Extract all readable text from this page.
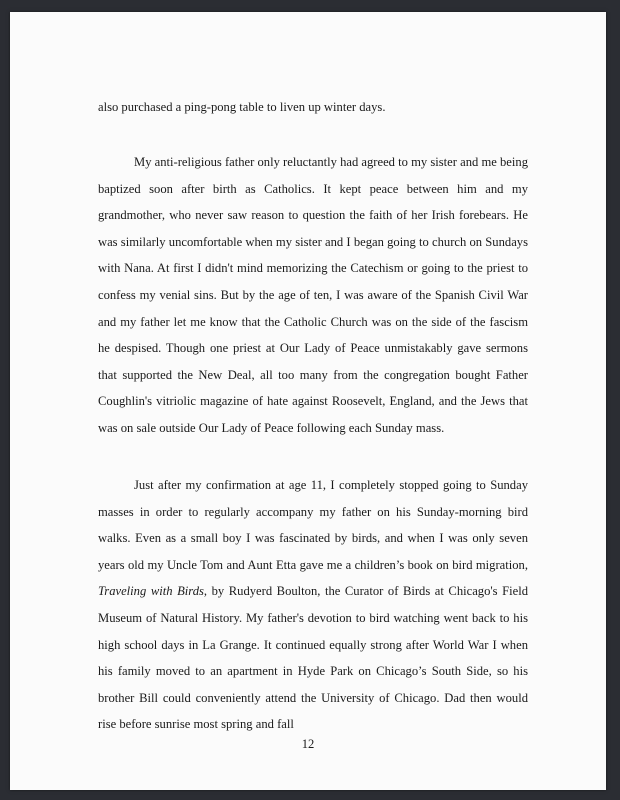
also purchased a ping-pong table to liven up winter days.

My anti-religious father only reluctantly had agreed to my sister and me being baptized soon after birth as Catholics. It kept peace between him and my grandmother, who never saw reason to question the faith of her Irish forebears. He was similarly uncomfortable when my sister and I began going to church on Sundays with Nana. At first I didn't mind memorizing the Catechism or going to the priest to confess my venial sins. But by the age of ten, I was aware of the Spanish Civil War and my father let me know that the Catholic Church was on the side of the fascism he despised. Though one priest at Our Lady of Peace unmistakably gave sermons that supported the New Deal, all too many from the congregation bought Father Coughlin's vitriolic magazine of hate against Roosevelt, England, and the Jews that was on sale outside Our Lady of Peace following each Sunday mass.

Just after my confirmation at age 11, I completely stopped going to Sunday masses in order to regularly accompany my father on his Sunday-morning bird walks. Even as a small boy I was fascinated by birds, and when I was only seven years old my Uncle Tom and Aunt Etta gave me a children’s book on bird migration, Traveling with Birds, by Rudyerd Boulton, the Curator of Birds at Chicago's Field Museum of Natural History. My father's devotion to bird watching went back to his high school days in La Grange. It continued equally strong after World War I when his family moved to an apartment in Hyde Park on Chicago’s South Side, so his brother Bill could conveniently attend the University of Chicago. Dad then would rise before sunrise most spring and fall

12
